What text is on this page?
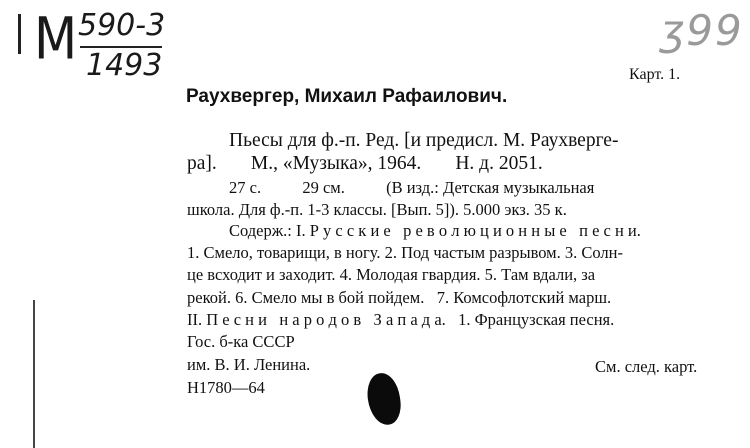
M 590-3
1493
ʒ99
Карт. 1.
Раухвергер, Михаил Рафаилович.
Пьесы для ф.-п. Ред. [и предисл. М. Раухверге-
ра].       М., «Музыка», 1964.       Н. д. 2051.
27 с.          29 см.          (В изд.: Детская музыкальная
школа. Для ф.-п. 1-3 классы. [Вып. 5]). 5.000 экз. 35 к.
Содерж.: I. Р у с с к и е   р е в о л ю ц и о н н ы е   п е с н и.
1. Смело, товарищи, в ногу. 2. Под частым разрывом. 3. Солн-
це всходит и заходит. 4. Молодая гвардия. 5. Там вдали, за
рекой. 6. Смело мы в бой пойдем.   7. Комсофлотский марш.
II. П е с н и   н а р о д о в   З а п а д а.   1. Французская песня.
Гос. б-ка СССР
им. В. И. Ленина.	См. след. карт.
Н1780—64
